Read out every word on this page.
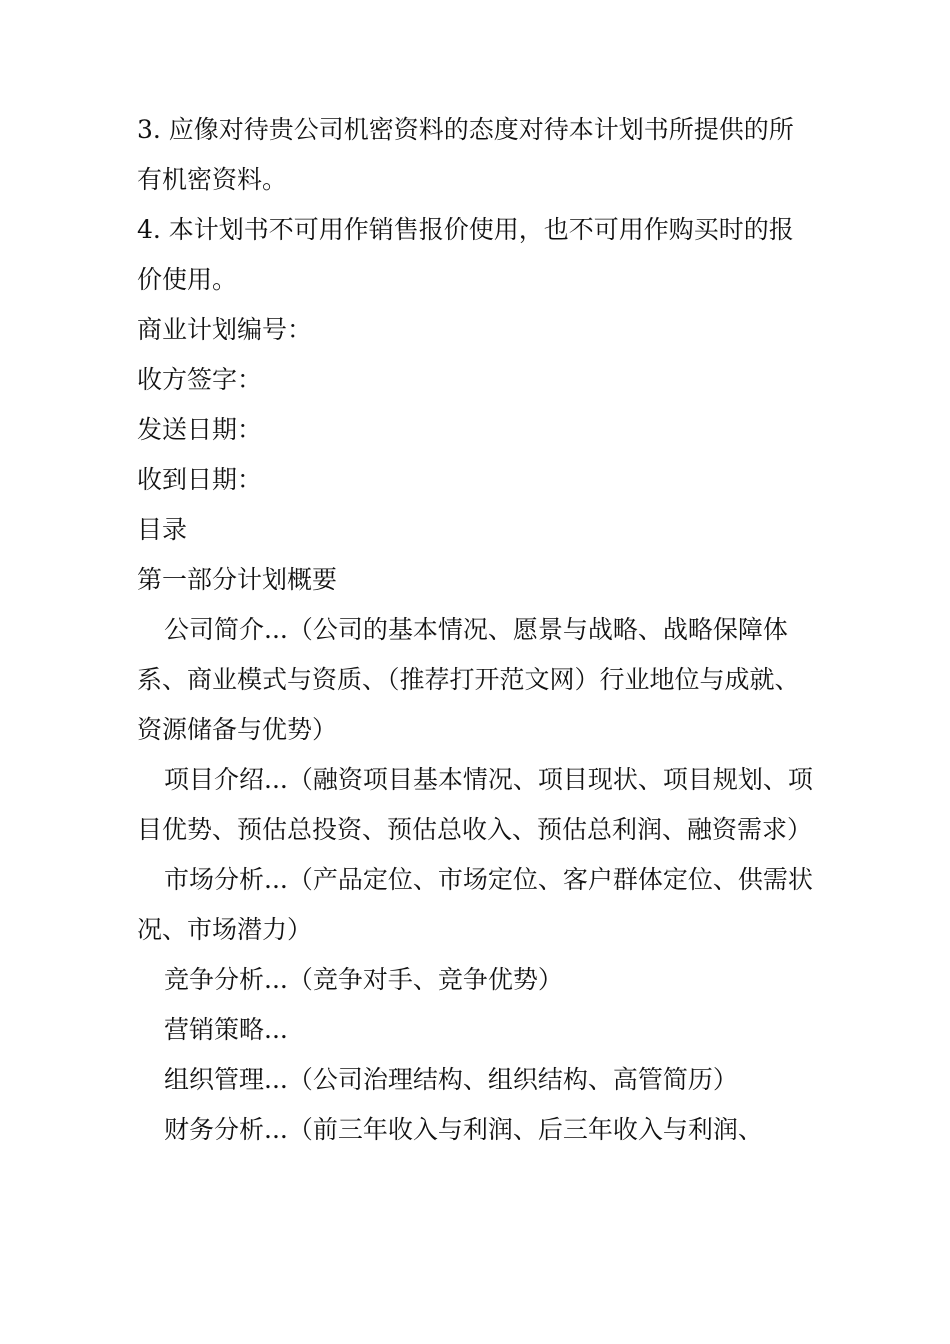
3. 应像对待贵公司机密资料的态度对待本计划书所提供的所有机密资料。

4. 本计划书不可用作销售报价使用，也不可用作购买时的报价使用。

商业计划编号：

收方签字：

发送日期：

收到日期：

目录

第一部分计划概要

公司简介...（公司的基本情况、愿景与战略、战略保障体系、商业模式与资质、（推荐打开范文网）行业地位与成就、资源储备与优势）

项目介绍...（融资项目基本情况、项目现状、项目规划、项目优势、预估总投资、预估总收入、预估总利润、融资需求）

市场分析...（产品定位、市场定位、客户群体定位、供需状况、市场潜力）

竞争分析...（竞争对手、竞争优势）

营销策略...

组织管理...（公司治理结构、组织结构、高管简历）

财务分析...（前三年收入与利润、后三年收入与利润、
